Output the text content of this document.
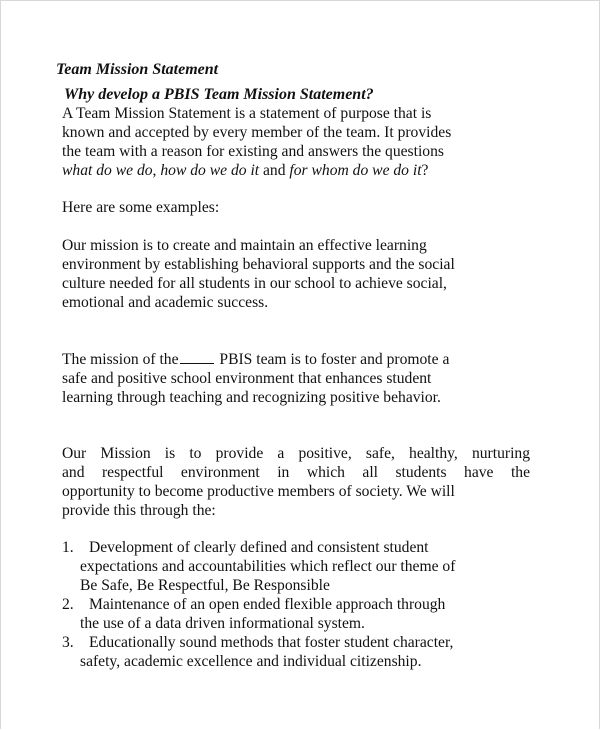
Team Mission Statement
Why develop a PBIS Team Mission Statement?
A Team Mission Statement is a statement of purpose that is
known and accepted by every member of the team. It provides
the team with a reason for existing and answers the questions
what do we do, how do we do it and for whom do we do it?
Here are some examples:
Our mission is to create and maintain an effective learning
environment by establishing behavioral supports and the social
culture needed for all students in our school to achieve social,
emotional and academic success.
The mission of the PBIS team is to foster and promote a
safe and positive school environment that enhances student
learning through teaching and recognizing positive behavior.
Our Mission is to provide a positive, safe, healthy, nurturing
and respectful environment in which all students have the
opportunity to become productive members of society. We will
provide this through the:
1. Development of clearly defined and consistent student
expectations and accountabilities which reflect our theme of
Be Safe, Be Respectful, Be Responsible
2. Maintenance of an open ended flexible approach through
the use of a data driven informational system.
3. Educationally sound methods that foster student character,
safety, academic excellence and individual citizenship.
